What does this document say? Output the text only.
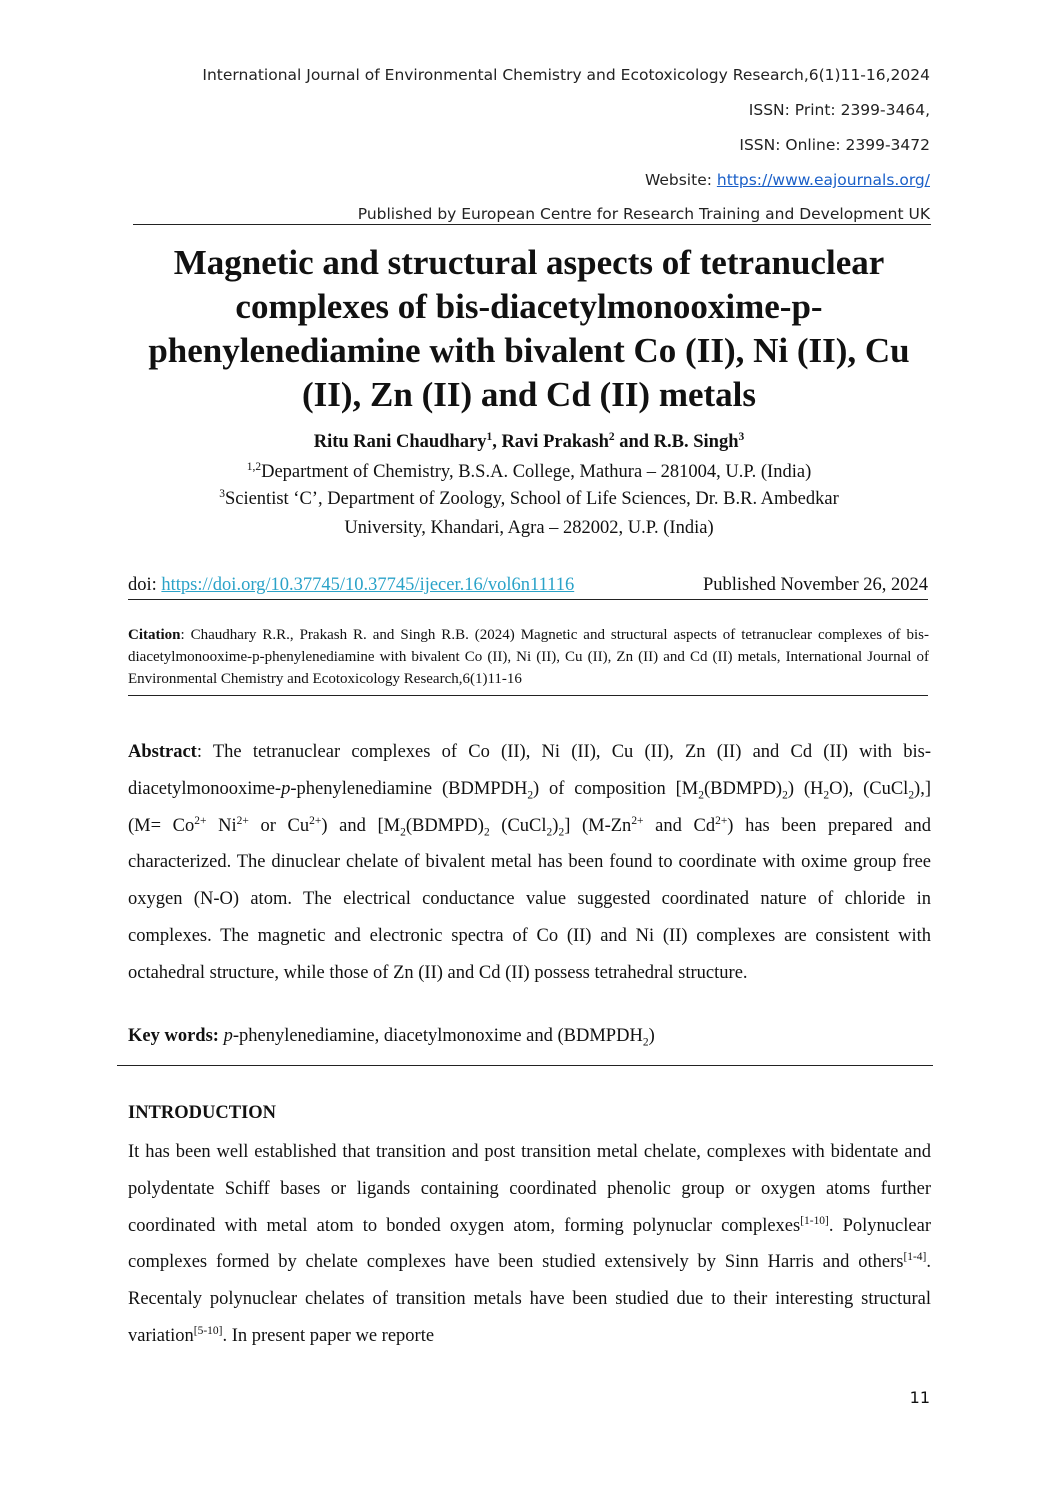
International Journal of Environmental Chemistry and Ecotoxicology Research,6(1)11-16,2024
ISSN: Print: 2399-3464,
ISSN: Online: 2399-3472
Website: https://www.eajournals.org/
Published by European Centre for Research Training and Development UK
Magnetic and structural aspects of tetranuclear complexes of bis-diacetylmonooxime-p-phenylenediamine with bivalent Co (II), Ni (II), Cu (II), Zn (II) and Cd (II) metals
Ritu Rani Chaudhary$^1$, Ravi Prakash$^2$ and R.B. Singh$^3$
$^{1,2}$Department of Chemistry, B.S.A. College, Mathura – 281004, U.P. (India)
$^3$Scientist ‘C’, Department of Zoology, School of Life Sciences, Dr. B.R. Ambedkar
University, Khandari, Agra – 282002, U.P. (India)
doi: https://doi.org/10.37745/10.37745/ijecer.16/vol6n11116	Published November 26, 2024
Citation: Chaudhary R.R., Prakash R. and Singh R.B. (2024) Magnetic and structural aspects of tetranuclear complexes of bis-diacetylmonooxime-p-phenylenediamine with bivalent Co (II), Ni (II), Cu (II), Zn (II) and Cd (II) metals, International Journal of Environmental Chemistry and Ecotoxicology Research,6(1)11-16
Abstract: The tetranuclear complexes of Co (II), Ni (II), Cu (II), Zn (II) and Cd (II) with bis-diacetylmonooxime-p-phenylenediamine $(BDMPDH_2)$ of composition $[M_2(BDMPD)_2)$ $(H_2O)$, (CuCl$_2$),] ($M= Co^{2+}$ $Ni^{2+}$ or $Cu^{2+}$) and [$M_2(BDMPD)_2$ $(CuCl_2)_2$] ($M-Zn^{2+}$ and $Cd^{2+}$) has been prepared and characterized. The dinuclear chelate of bivalent metal has been found to coordinate with oxime group free oxygen (N-O) atom. The electrical conductance value suggested coordinated nature of chloride in complexes. The magnetic and electronic spectra of Co (II) and Ni (II) complexes are consistent with octahedral structure, while those of Zn (II) and Cd (II) possess tetrahedral structure.
Key words: p-phenylenediamine, diacetylmonoxime and $(BDMPDH_2)$
INTRODUCTION
It has been well established that transition and post transition metal chelate, complexes with bidentate and polydentate Schiff bases or ligands containing coordinated phenolic group or oxygen atoms further coordinated with metal atom to bonded oxygen atom, forming polynuclar complexes[1-10]. Polynuclear complexes formed by chelate complexes have been studied extensively by Sinn Harris and others[1-4]. Recentaly polynuclear chelates of transition metals have been studied due to their interesting structural variation[5-10]. In present paper we reporte
11
